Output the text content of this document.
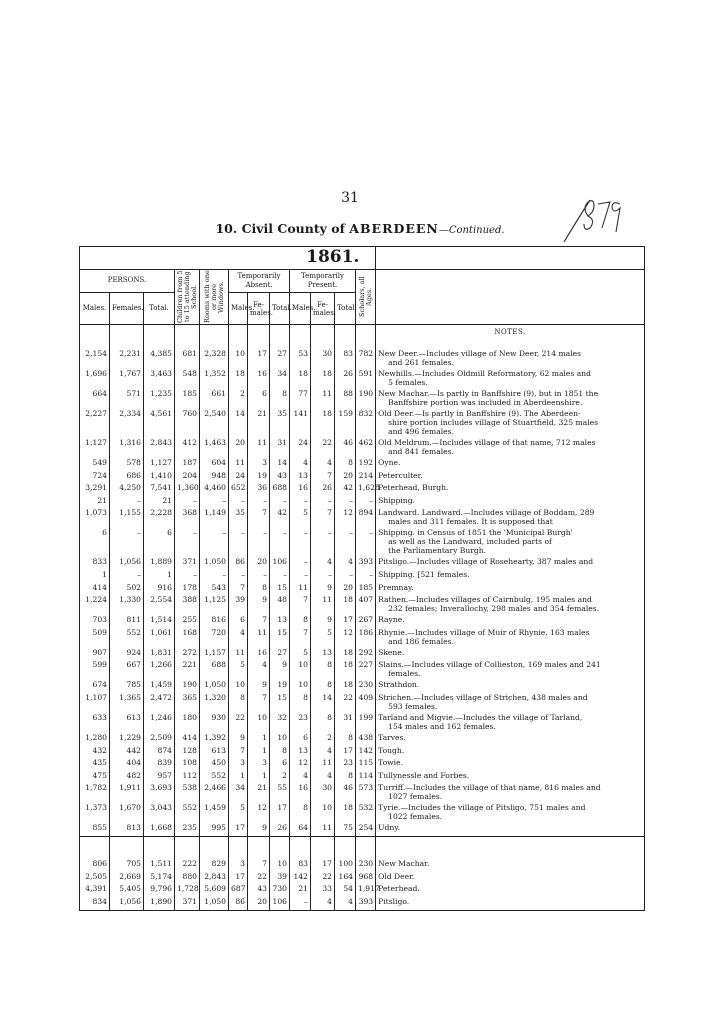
31
10. Civil County of ABERDEEN—Continued.
												1861.
PERSONS.			Children from 5 to 15 attending School.	Rooms with one or more Windows.	Temporarily Absent.			Temporarily Present.			Scholars, all Ages.	

Males.	Females.	Total.			Males.	Fe- males.	Total.	Males.	Fe- males.	Total.		
												NOTES.

2,154	2,231	4,385	681	2,328	10	17	27	53	30	83	782	New Deer.—Includes village of New Deer, 214 males
and 261 females.

1,696	1,767	3,463	548	1,352	18	16	34	18	18	26	591	Newhills.—Includes Oldmill Reformatory, 62 males and
5 females.

664	571	1,235	185	661	2	6	8	77	11	88	190	New Machar.—Is partly in Banffshire (9), but in 1851 the
Banffshire portion was included in Aberdeenshire.

2,227	2,334	4,561	760	2,540	14	21	35	141	18	159	832	Old Deer.—Is partly in Banffshire (9). The Aberdeen-
shire portion includes village of Stuartfield, 325 males
and 496 females.

1,127	1,316	2,843	412	1,463	20	11	31	24	22	46	462	Old Meldrum.—Includes village of that name, 712 males
and 841 females.

549	578	1,127	187	604	11	3	14	4	4	8	192	Oyne.

724	686	1,410	204	948	24	19	43	13	7	20	214	Peterculter.

3,291	4,250	7,541	1,360	4,460	652	36	688	16	26	42	1,628	Peterhead, Burgh.

21	–	21	–	–	–	–	–	–	–	–	–	Shipping.

1,073	1,155	2,228	368	1,149	35	7	42	5	7	12	894	Landward. Landward.—Includes village of Boddam, 289
males and 311 females. It is supposed that

6	–	6	–	–	–	–	–	–	–	–	–	Shipping. in Census of 1851 the 'Municipal Burgh'
as well as the Landward, included parts of
the Parliamentary Burgh.

833	1,056	1,889	371	1,050	86	20	106	–	4	4	393	Pitsligo.—Includes village of Rosehearty, 387 males and

1	–	1	–	–	–	–	–	–	–	–	–	Shipping. [521 females.

414	502	916	178	543	7	8	15	11	9	20	185	Premnay.

1,224	1,330	2,554	388	1,125	39	9	48	7	11	18	407	Rathen.—Includes villages of Cairnbulg, 195 males and
232 females; Inverallochy, 298 males and 354 females.

703	811	1,514	255	816	6	7	13	8	9	17	267	Rayne.

509	552	1,061	168	720	4	11	15	7	5	12	186	Rhynie.—Includes village of Muir of Rhynie, 163 males
and 186 females.

907	924	1,831	272	1,157	11	16	27	5	13	18	292	Skene.

599	667	1,266	221	688	5	4	9	10	8	18	227	Slains.—Includes village of Collieston, 169 males and 241
females.

674	785	1,459	190	1,050	10	9	19	10	8	18	230	Strathdon.

1,107	1,365	2,472	365	1,320	8	7	15	8	14	22	409	Strichen.—Includes village of Strichen, 438 males and
593 females.

633	613	1,246	180	930	22	10	32	23	8	31	199	Tarland and Migvie.—Includes the village of Tarland,
154 males and 162 females.

1,280	1,229	2,509	414	1,392	9	1	10	6	2	8	438	Tarves.

432	442	874	128	613	7	1	8	13	4	17	142	Tough.

435	404	839	108	450	3	3	6	12	11	23	115	Towie.

475	482	957	112	552	1	1	2	4	4	8	114	Tullynessle and Forbes.

1,782	1,911	3,693	538	2,466	34	21	55	16	30	46	573	Turriff.—Includes the village of that name, 816 males and
1027 females.

1,373	1,670	3,043	552	1,459	5	12	17	8	10	18	532	Tyrie.—Includes the village of Pitsligo, 751 males and
1022 females.

855	813	1,668	235	995	17	9	26	64	11	75	254	Udny.

806	705	1,511	222	829	3	7	10	83	17	100	230	New Machar.

2,505	2,669	5,174	880	2,843	17	22	39	142	22	164	968	Old Deer.

4,391	5,405	9,796	1,728	5,609	687	43	730	21	33	54	1,917	Peterhead.

834	1,056	1,890	371	1,050	86	20	106	–	4	4	393	Pitsligo.
